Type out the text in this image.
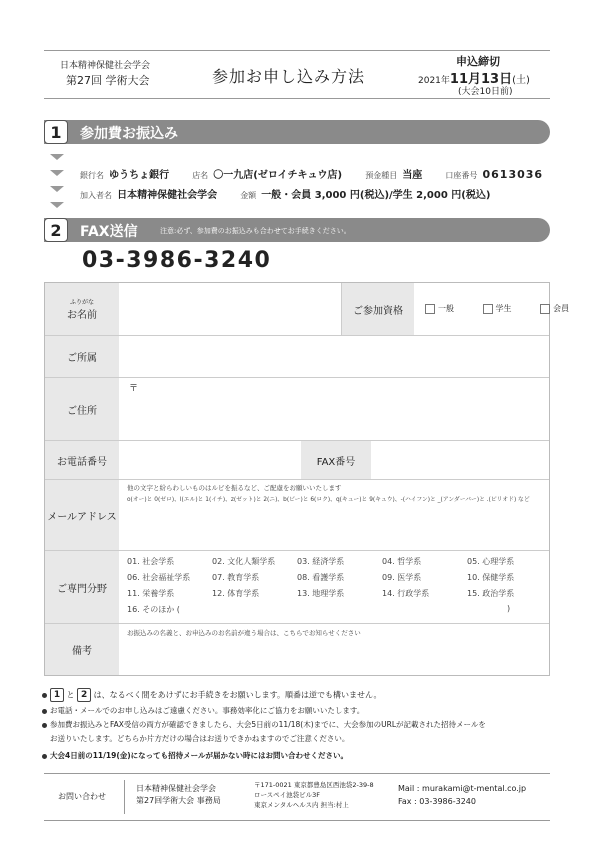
日本精神保健社会学会
第27回 学術大会	参加お申し込み方法
申込締切
2021年11月13日(土)
(大会10日前)
1	参加費お振込み
銀行名 ゆうちょ銀行	店名 〇一九店(ゼロイチキュウ店)	預金種目 当座	口座番号 0613036
加入者名 日本精神保健社会学会	金額 一般・会員 3,000 円(税込)/学生 2,000 円(税込)
2	FAX送信	注意:必ず、参加費のお振込みも合わせてお手続きください。
03-3986-3240
ふりがな
お名前	ご参加資格	一般	学生	会員
ご所属
ご住所
〒
お電話番号	FAX番号
メールアドレス
他の文字と紛らわしいものはルビを振るなど、ご配慮をお願いいたします
o(オー)と 0(ゼロ)、l(エル)と 1(イチ)、z(ゼット)と 2(ニ)、b(ビー)と 6(ロク)、q(キュー)と 9(キュウ)、-(ハイフン)と _(アンダーバー)と .(ピリオド) など
ご専門分野
01. 社会学系	02. 文化人類学系	03. 経済学系	04. 哲学系	05. 心理学系
06. 社会福祉学系	07. 教育学系	08. 看護学系	09. 医学系	10. 保健学系
11. 栄養学系	12. 体育学系	13. 地理学系	14. 行政学系	15. 政治学系
16. そのほか (	)
備考
お振込みの名義と、お申込みのお名前が違う場合は、こちらでお知らせください
1 と 2 は、なるべく間をあけずにお手続きをお願いします。順番は逆でも構いません。
お電話・メールでのお申し込みはご遠慮ください。事務効率化にご協力をお願いいたします。
参加費お振込みとFAX受信の両方が確認できましたら、大会5日前の11/18(木)までに、大会参加のURLが記載された招待メールを
お送りいたします。どちらか片方だけの場合はお送りできかねますのでご注意ください。
大会4日前の11/19(金)になっても招待メールが届かない時にはお問い合わせください。
お問い合わせ
日本精神保健社会学会
第27回学術大会 事務局
〒171-0021 東京都豊島区西池袋2-39-8
ロースペイ池袋ビル3F
東京メンタルヘルス内 担当:村上
Mail : murakami@t-mental.co.jp
Fax : 03-3986-3240
